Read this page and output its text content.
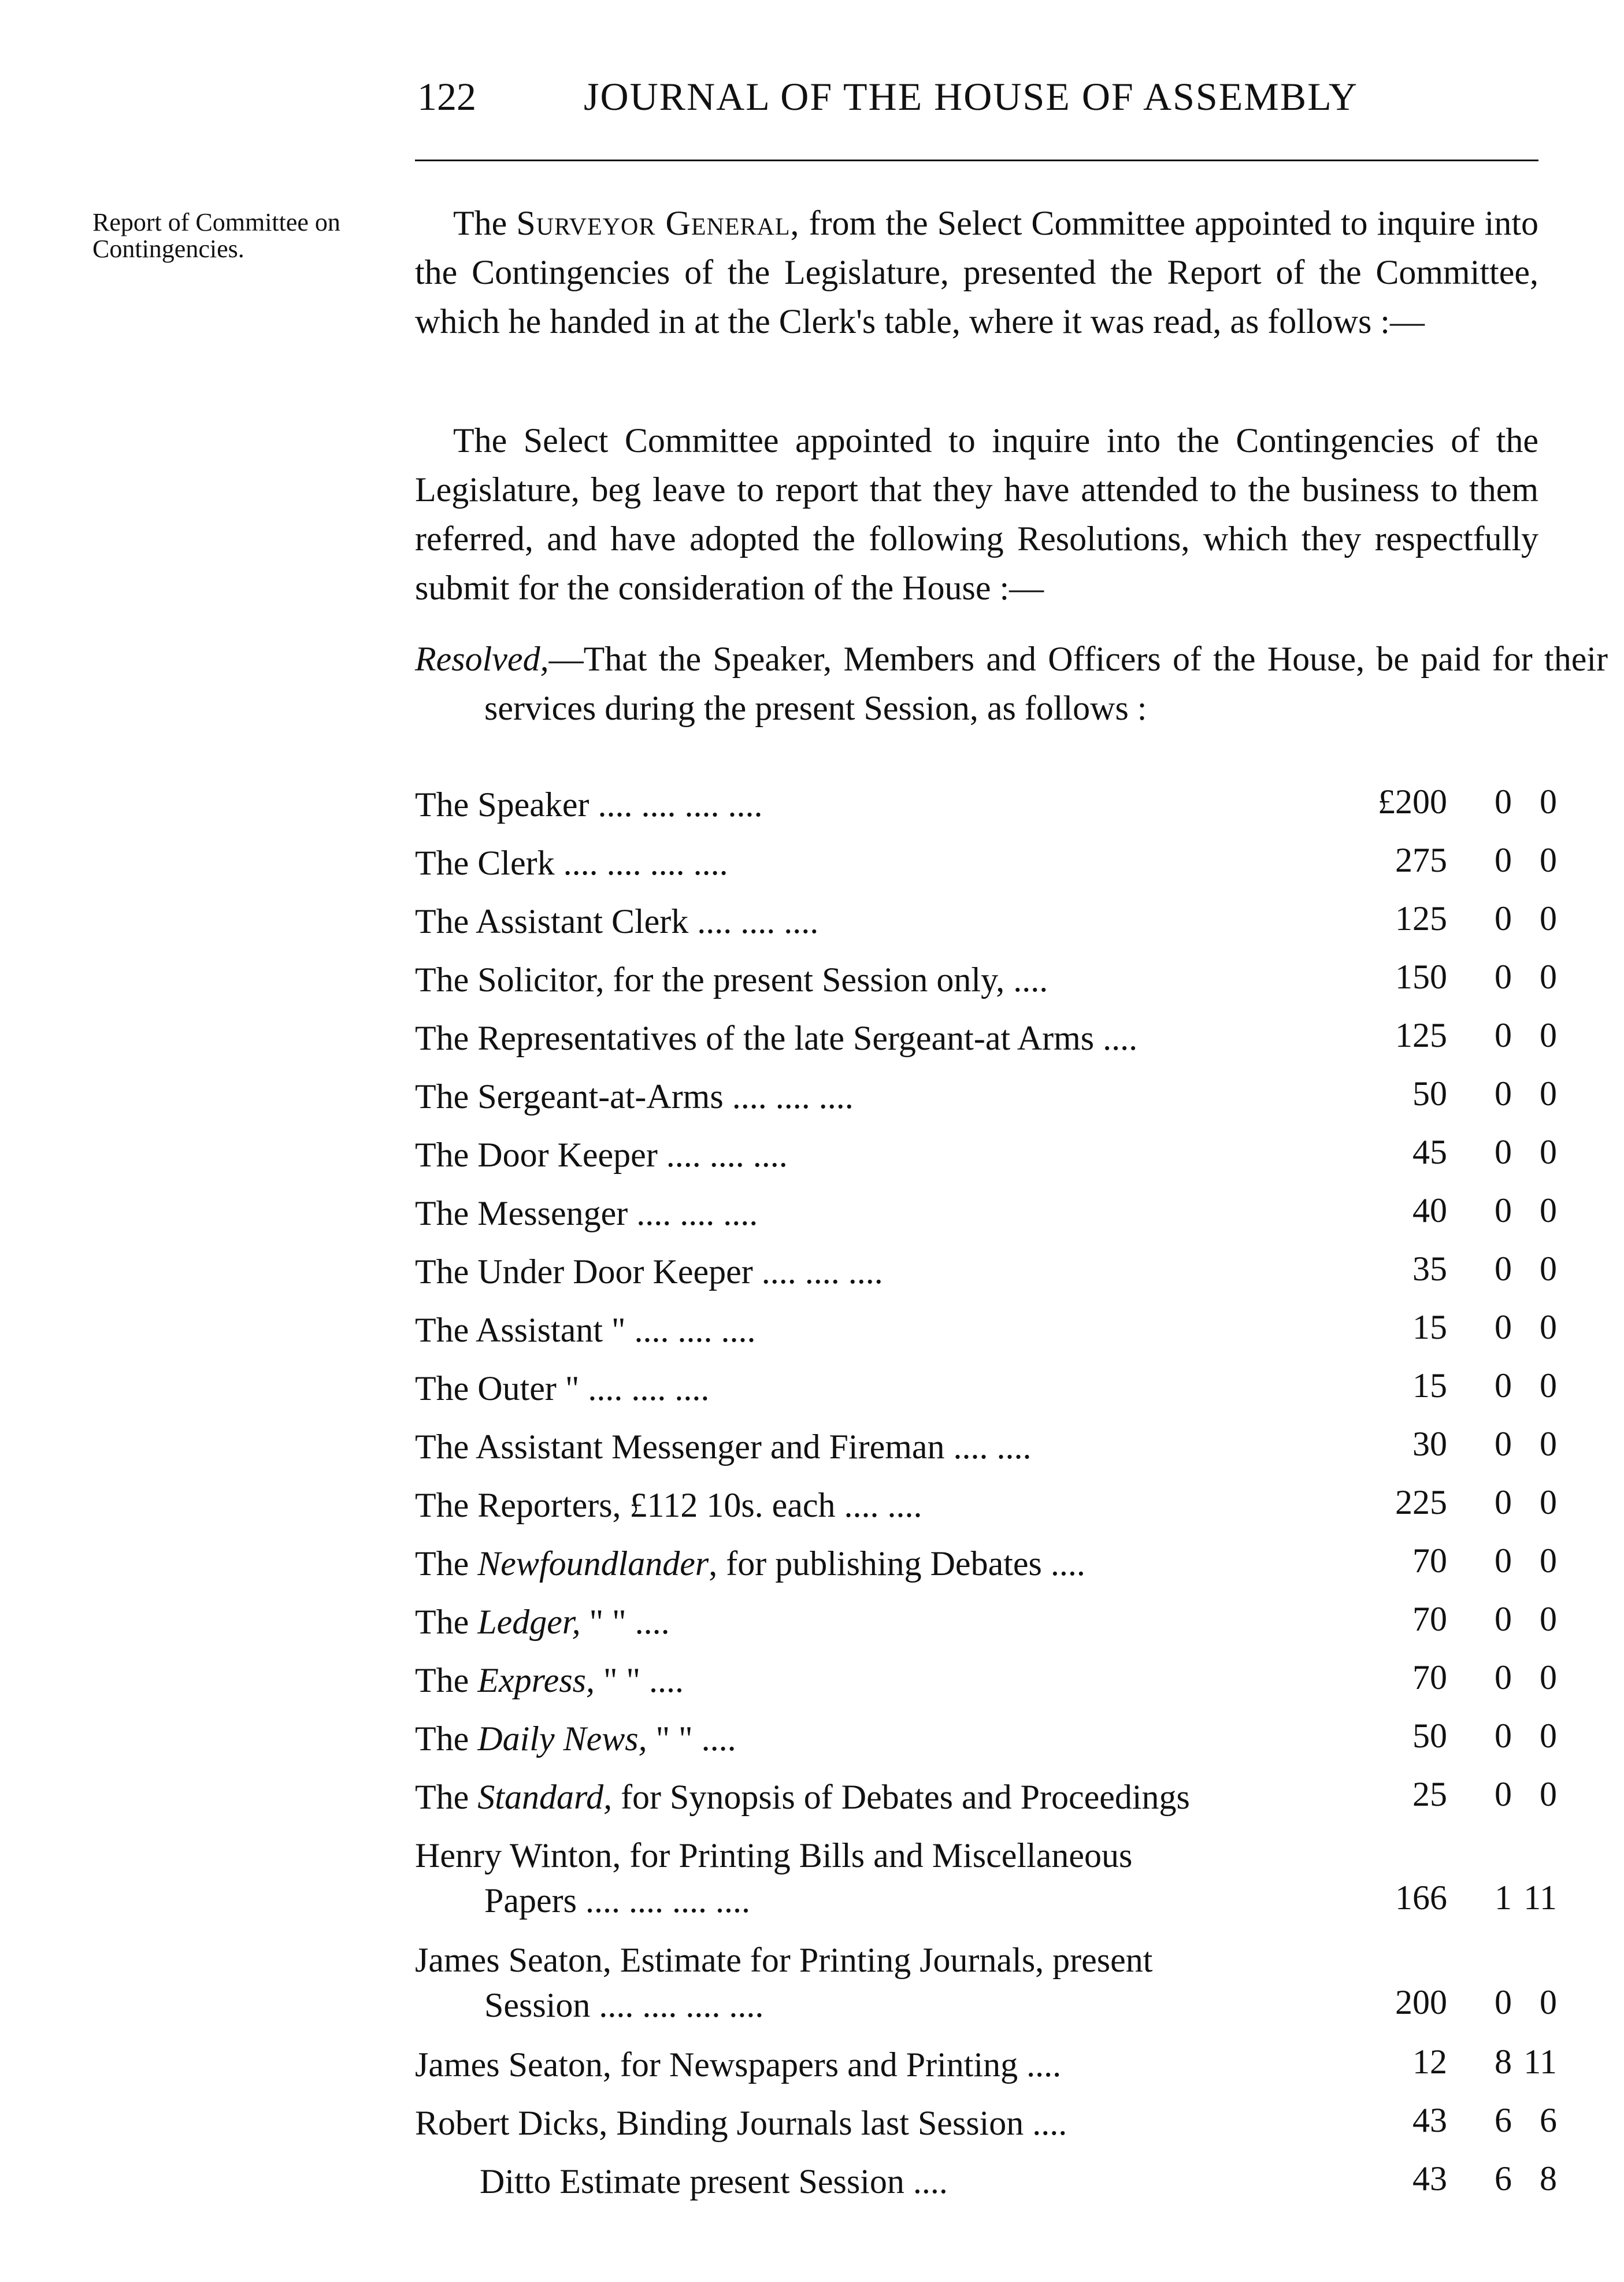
122	JOURNAL OF THE HOUSE OF ASSEMBLY
Report of Committee on Contingencies.
The Surveyor General, from the Select Committee appointed to inquire into the Contingencies of the Legislature, presented the Report of the Committee, which he handed in at the Clerk's table, where it was read, as follows :—
The Select Committee appointed to inquire into the Contingencies of the Legislature, beg leave to report that they have attended to the business to them referred, and have adopted the following Resolutions, which they respectfully submit for the consideration of the House :—
Resolved,—That the Speaker, Members and Officers of the House, be paid for their services during the present Session, as follows :
The Speaker .... .... .... ....	£200	0 0
The Clerk .... .... .... ....	275	0 0
The Assistant Clerk .... .... ....	125	0 0
The Solicitor, for the present Session only, ....	150	0 0
The Representatives of the late Sergeant-at Arms ....	125	0 0
The Sergeant-at-Arms .... .... ....	50	0 0
The Door Keeper .... .... ....	45	0 0
The Messenger .... .... ....	40	0 0
The Under Door Keeper .... .... ....	35	0 0
The Assistant " .... .... ....	15	0 0
The Outer " .... .... ....	15	0 0
The Assistant Messenger and Fireman .... ....	30	0 0
The Reporters, £112 10s. each .... ....	225	0 0
The Newfoundlander, for publishing Debates ....	70	0 0
The Ledger, " " ....	70	0 0
The Express, " " ....	70	0 0
The Daily News, " " ....	50	0 0
The Standard, for Synopsis of Debates and Proceedings	25	0 0
Henry Winton, for Printing Bills and Miscellaneous
Papers .... .... .... ....	166	1 11
James Seaton, Estimate for Printing Journals, present
Session .... .... .... ....	200	0 0
James Seaton, for Newspapers and Printing ....	12	8 11
Robert Dicks, Binding Journals last Session ....	43	6 6
Ditto Estimate present Session ....	43	6 8
